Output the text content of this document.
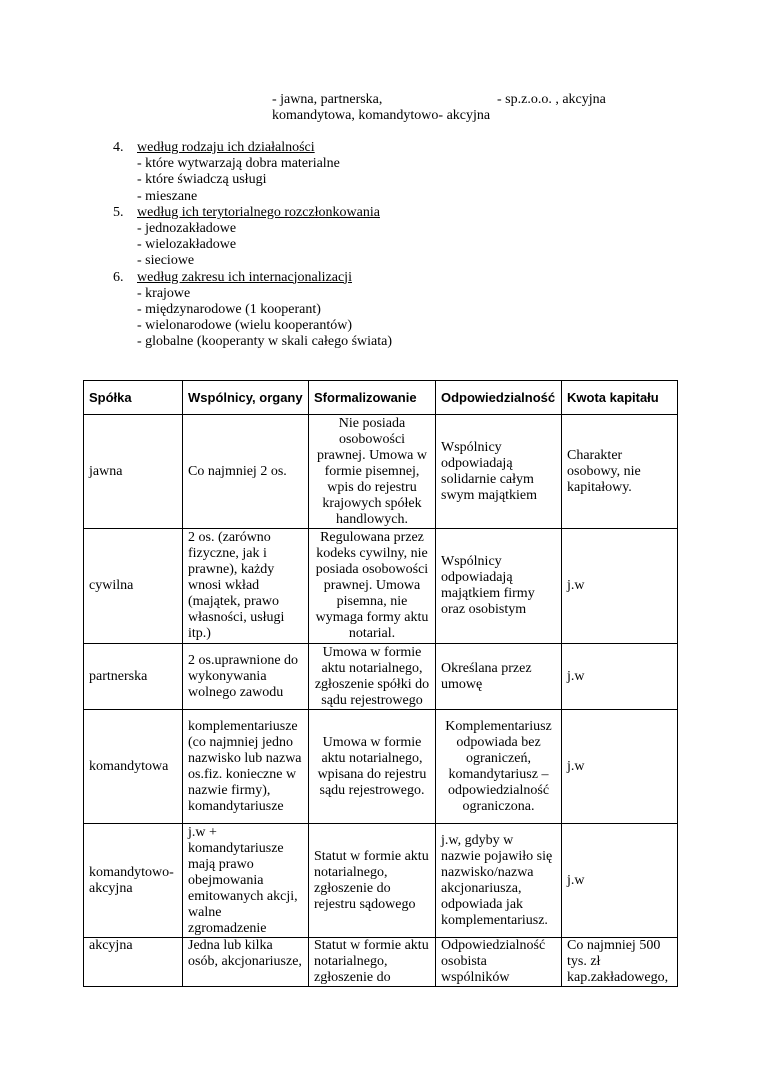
- jawna, partnerska,
komandytowa, komandytowo- akcyjna
- sp.z.o.o. , akcyjna
4. według rodzaju ich działalności
- które wytwarzają dobra materialne
- które świadczą usługi
- mieszane
5. według ich terytorialnego rozczłonkowania
- jednozakładowe
- wielozakładowe
- sieciowe
6. według zakresu ich internacjonalizacji
- krajowe
- międzynarodowe (1 kooperant)
- wielonarodowe (wielu kooperantów)
- globalne (kooperanty w skali całego świata)
Spółka	Wspólnicy, organy	Sformalizowanie	Odpowiedzialność	Kwota kapitału
jawna	Co najmniej 2 os.	Nie posiada osobowości prawnej. Umowa w formie pisemnej, wpis do rejestru krajowych spółek handlowych.	Wspólnicy odpowiadają solidarnie całym swym majątkiem	Charakter osobowy, nie kapitałowy.
cywilna	2 os. (zarówno fizyczne, jak i prawne), każdy wnosi wkład (majątek, prawo własności, usługi itp.)	Regulowana przez kodeks cywilny, nie posiada osobowości prawnej. Umowa pisemna, nie wymaga formy aktu notarial.	Wspólnicy odpowiadają majątkiem firmy oraz osobistym	j.w
partnerska	2 os.uprawnione do wykonywania wolnego zawodu	Umowa w formie aktu notarialnego, zgłoszenie spółki do sądu rejestrowego	Określana przez umowę	j.w
komandytowa	komplementariusze (co najmniej jedno nazwisko lub nazwa os.fiz. konieczne w nazwie firmy), komandytariusze	Umowa w formie aktu notarialnego, wpisana do rejestru sądu rejestrowego.	Komplementariusz odpowiada bez ograniczeń, komandytariusz – odpowiedzialność ograniczona.	j.w
komandytowo-akcyjna	j.w + komandytariusze mają prawo obejmowania emitowanych akcji, walne zgromadzenie	Statut w formie aktu notarialnego, zgłoszenie do rejestru sądowego	j.w, gdyby w nazwie pojawiło się nazwisko/nazwa akcjonariusza, odpowiada jak komplementariusz.	j.w
akcyjna	Jedna lub kilka osób, akcjonariusze,	Statut w formie aktu notarialnego, zgłoszenie do	Odpowiedzialność osobista wspólników	Co najmniej 500 tys. zł kap.zakładowego,
